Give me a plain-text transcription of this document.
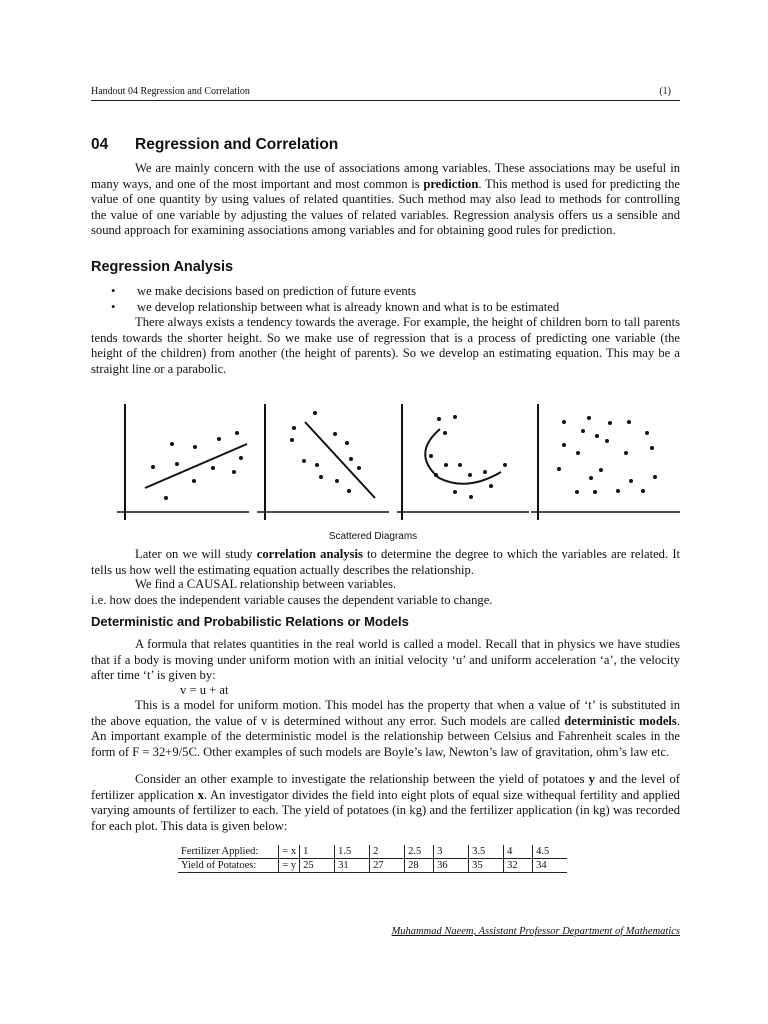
Handout 04 Regression and Correlation	(1)
04 Regression and Correlation

We are mainly concern with the use of associations among variables. These associations may be useful in many ways, and one of the most important and most common is prediction. This method is used for predicting the value of one quantity by using values of related quantities. Such method may also lead to methods for controlling the value of one variable by adjusting the values of related variables. Regression analysis offers us a sensible and sound approach for examining associations among variables and for obtaining good rules for prediction.

Regression Analysis
• we make decisions based on prediction of future events
• we develop relationship between what is already known and what is to be estimated

There always exists a tendency towards the average. For example, the height of children born to tall parents tends towards the shorter height. So we make use of regression that is a process of predicting one variable (the height of the children) from another (the height of parents). So we develop an estimating equation. This may be a straight line or a parabolic.

Scattered Diagrams

Later on we will study correlation analysis to determine the degree to which the variables are related. It tells us how well the estimating equation actually describes the relationship.

We find a CAUSAL relationship between variables.
i.e. how does the independent variable causes the dependent variable to change.
Deterministic and Probabilistic Relations or Models

A formula that relates quantities in the real world is called a model. Recall that in physics we have studies that if a body is moving under uniform motion with an initial velocity ‘u’ and uniform acceleration ‘a’, the velocity after time ‘t’ is given by:

v = u + at

This is a model for uniform motion. This model has the property that when a value of ‘t’ is substituted in the above equation, the value of v is determined without any error. Such models are called deterministic models. An important example of the deterministic model is the relationship between Celsius and Fahrenheit scales in the form of F = 32+9/5C. Other examples of such models are Boyle’s law, Newton’s law of gravitation, ohm’s law etc.

Consider an other example to investigate the relationship between the yield of potatoes y and the level of fertilizer application x. An investigator divides the field into eight plots of equal size withequal fertility and applied varying amounts of fertilizer to each. The yield of potatoes (in kg) and the fertilizer application (in kg) was recorded for each plot. This data is given below:

Fertilizer Applied:	= x	1	1.5	2	2.5	3	3.5	4	4.5
Yield of Potatoes:	= y	25	31	27	28	36	35	32	34
Muhammad Naeem, Assistant Professor Department of Mathematics
